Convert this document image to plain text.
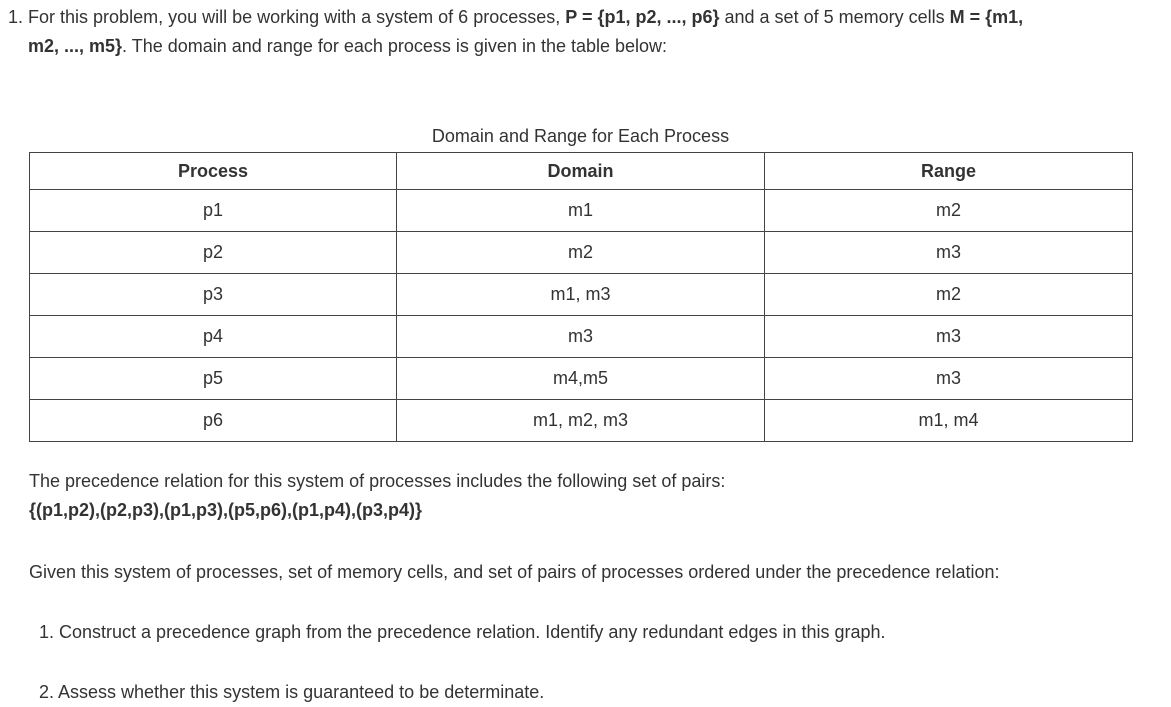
1. For this problem, you will be working with a system of 6 processes, P = {p1, p2, ..., p6} and a set of 5 memory cells M = {m1,
m2, ..., m5}. The domain and range for each process is given in the table below:
Domain and Range for Each Process
Process	Domain	Range
p1	m1	m2
p2	m2	m3
p3	m1, m3	m2
p4	m3	m3
p5	m4,m5	m3
p6	m1, m2, m3	m1, m4
The precedence relation for this system of processes includes the following set of pairs:
{(p1,p2),(p2,p3),(p1,p3),(p5,p6),(p1,p4),(p3,p4)}
Given this system of processes, set of memory cells, and set of pairs of processes ordered under the precedence relation:
1. Construct a precedence graph from the precedence relation. Identify any redundant edges in this graph.
2. Assess whether this system is guaranteed to be determinate.
